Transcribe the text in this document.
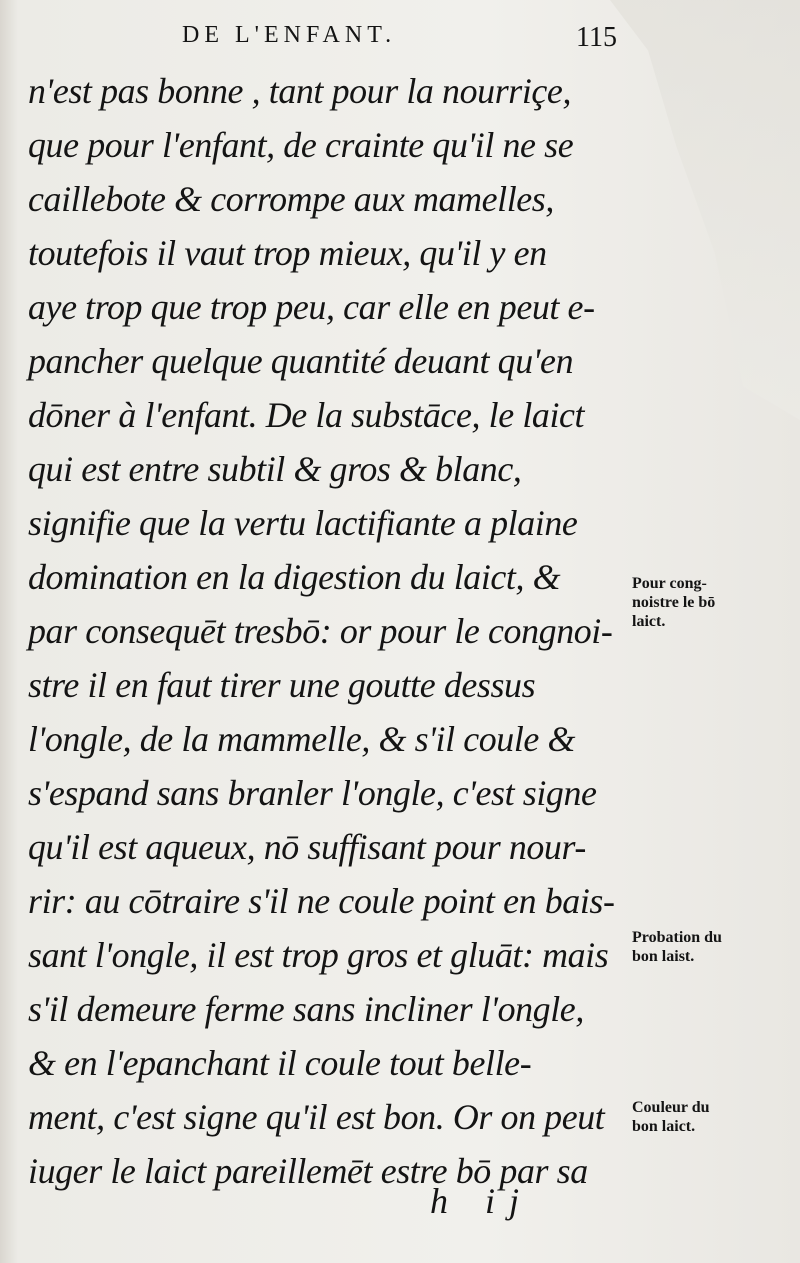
DE L'ENFANT.	115
n'est pas bonne , tant pour la nourriçe,
que pour l'enfant, de crainte qu'il ne se
caillebote & corrompe aux mamelles,
toutefois il vaut trop mieux, qu'il y en
aye trop que trop peu, car elle en peut e-
pancher quelque quantité deuant qu'en
dōner à l'enfant. De la substāce, le laict
qui est entre subtil & gros & blanc,
signifie que la vertu lactifiante a plaine
domination en la digestion du laict, &
par consequēt tresbō: or pour le congnoi-
stre il en faut tirer une goutte dessus
l'ongle, de la mammelle, & s'il coule &
s'espand sans branler l'ongle, c'est signe
qu'il est aqueux, nō suffisant pour nour-
rir: au cōtraire s'il ne coule point en bais-
sant l'ongle, il est trop gros et gluāt: mais
s'il demeure ferme sans incliner l'ongle,
& en l'epanchant il coule tout belle-
ment, c'est signe qu'il est bon. Or on peut
iuger le laict pareillemēt estre bō par sa
Pour cong-
noistre le bō
laict.
Probation du
bon laist.
Couleur du
bon laict.
h ij
